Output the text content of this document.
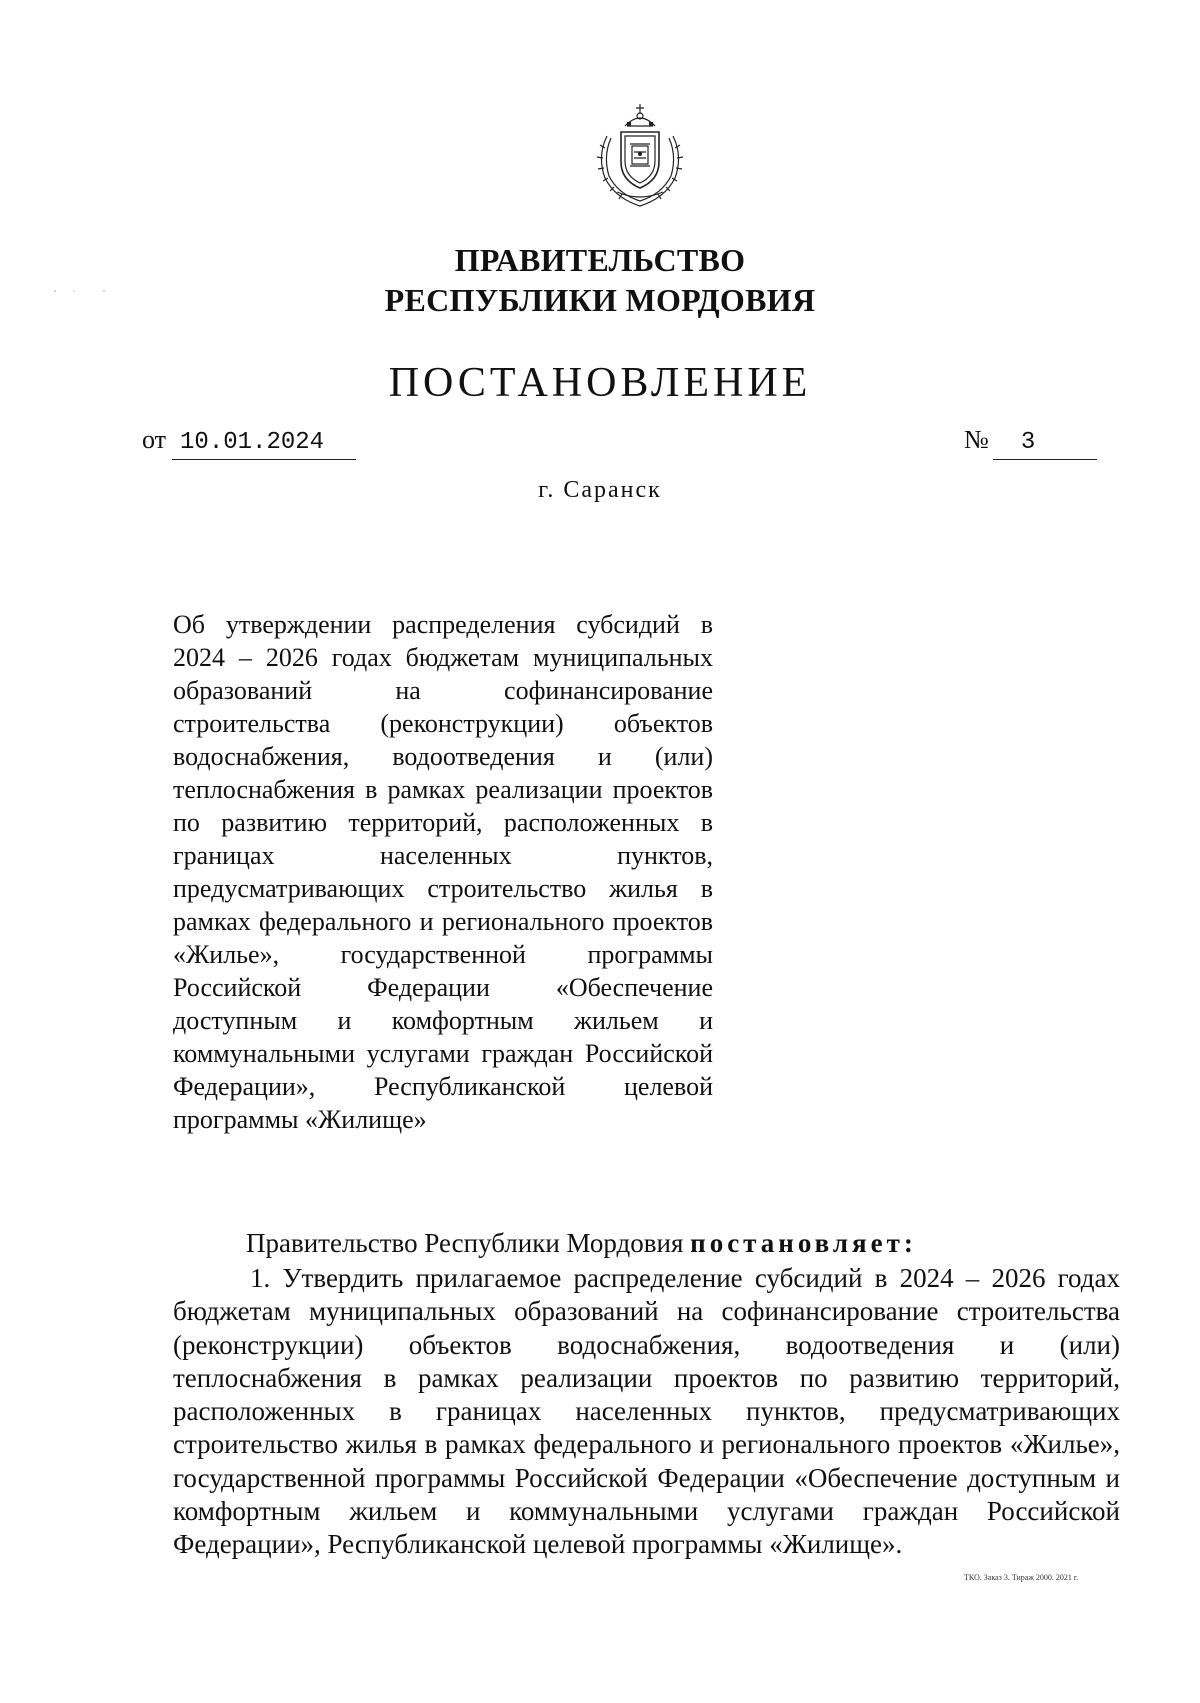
ПРАВИТЕЛЬСТВО
РЕСПУБЛИКИ МОРДОВИЯ
ПОСТАНОВЛЕНИЕ
от 10.01.2024	№ 3
г. Саранск
Об утверждении распределения субсидий в 2024 – 2026 годах бюджетам муниципальных образований на софинансирование строительства (реконструкции) объектов водоснабжения, водоотведения и (или) теплоснабжения в рамках реализации проектов по развитию территорий, расположенных в границах населенных пунктов, предусматривающих строительство жилья в рамках федерального и регионального проектов «Жилье», государственной программы Российской Федерации «Обеспечение доступным и комфортным жильем и коммунальными услугами граждан Российской Федерации», Республиканской целевой программы «Жилище»
Правительство Республики Мордовия постановляет:
1. Утвердить прилагаемое распределение субсидий в 2024 – 2026 годах бюджетам муниципальных образований на софинансирование строительства (реконструкции) объектов водоснабжения, водоотведения и (или) теплоснабжения в рамках реализации проектов по развитию территорий, расположенных в границах населенных пунктов, предусматривающих строительство жилья в рамках федерального и регионального проектов «Жилье», государственной программы Российской Федерации «Обеспечение доступным и комфортным жильем и коммунальными услугами граждан Российской Федерации», Республиканской целевой программы «Жилище».
ТКО. Заказ 3. Тираж 2000. 2021 г.
